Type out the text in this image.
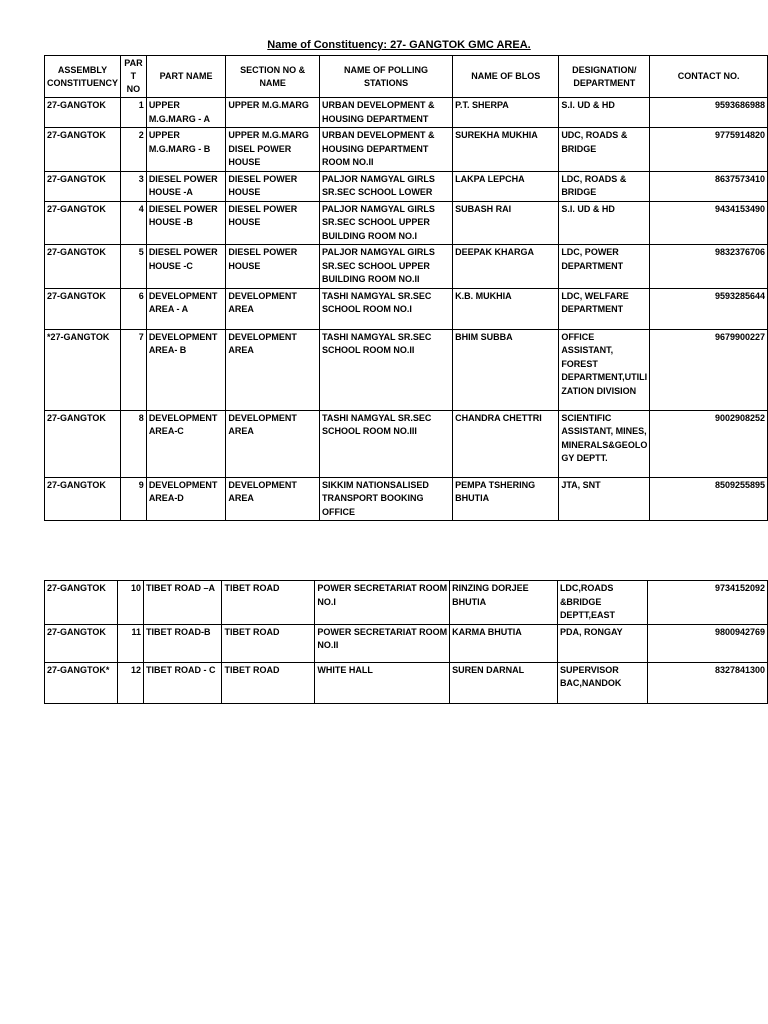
Name of Constituency: 27- GANGTOK GMC AREA.
ASSEMBLY CONSTITUENCY	PAR T NO	PART NAME	SECTION NO & NAME	NAME OF POLLING STATIONS	NAME OF BLOS	DESIGNATION/ DEPARTMENT	CONTACT NO.
27-GANGTOK	1	UPPER M.G.MARG - A	UPPER M.G.MARG	URBAN DEVELOPMENT & HOUSING DEPARTMENT	P.T. SHERPA	S.I. UD & HD	9593686988
27-GANGTOK	2	UPPER M.G.MARG - B	UPPER M.G.MARG DISEL POWER HOUSE	URBAN DEVELOPMENT & HOUSING DEPARTMENT ROOM NO.II	SUREKHA MUKHIA	UDC, ROADS & BRIDGE	9775914820
27-GANGTOK	3	DIESEL POWER HOUSE -A	DIESEL POWER HOUSE	PALJOR NAMGYAL GIRLS SR.SEC SCHOOL LOWER	LAKPA LEPCHA	LDC, ROADS & BRIDGE	8637573410
27-GANGTOK	4	DIESEL POWER HOUSE -B	DIESEL POWER HOUSE	PALJOR NAMGYAL GIRLS SR.SEC SCHOOL UPPER BUILDING ROOM NO.I	SUBASH RAI	S.I. UD & HD	9434153490
27-GANGTOK	5	DIESEL POWER HOUSE -C	DIESEL POWER HOUSE	PALJOR NAMGYAL GIRLS SR.SEC SCHOOL UPPER BUILDING ROOM NO.II	DEEPAK KHARGA	LDC, POWER DEPARTMENT	9832376706
27-GANGTOK	6	DEVELOPMENT AREA - A	DEVELOPMENT AREA	TASHI NAMGYAL SR.SEC SCHOOL ROOM NO.I	K.B. MUKHIA	LDC, WELFARE DEPARTMENT	9593285644
*27-GANGTOK	7	DEVELOPMENT AREA- B	DEVELOPMENT AREA	TASHI NAMGYAL SR.SEC SCHOOL ROOM NO.II	BHIM SUBBA	OFFICE ASSISTANT, FOREST DEPARTMENT,UTILI ZATION DIVISION	9679900227
27-GANGTOK	8	DEVELOPMENT AREA-C	DEVELOPMENT AREA	TASHI NAMGYAL SR.SEC SCHOOL ROOM NO.III	CHANDRA CHETTRI	SCIENTIFIC ASSISTANT, MINES, MINERALS&GEOLO GY DEPTT.	9002908252
27-GANGTOK	9	DEVELOPMENT AREA-D	DEVELOPMENT AREA	SIKKIM NATIONSALISED TRANSPORT BOOKING OFFICE	PEMPA TSHERING BHUTIA	JTA, SNT	8509255895
27-GANGTOK	10	TIBET ROAD –A	TIBET ROAD	POWER SECRETARIAT ROOM NO.I	RINZING DORJEE BHUTIA	LDC,ROADS &BRIDGE DEPTT,EAST	9734152092
27-GANGTOK	11	TIBET ROAD-B	TIBET ROAD	POWER SECRETARIAT ROOM NO.II	KARMA BHUTIA	PDA, RONGAY	9800942769
27-GANGTOK*	12	TIBET ROAD - C	TIBET ROAD	WHITE HALL	SUREN DARNAL	SUPERVISOR BAC,NANDOK	8327841300
